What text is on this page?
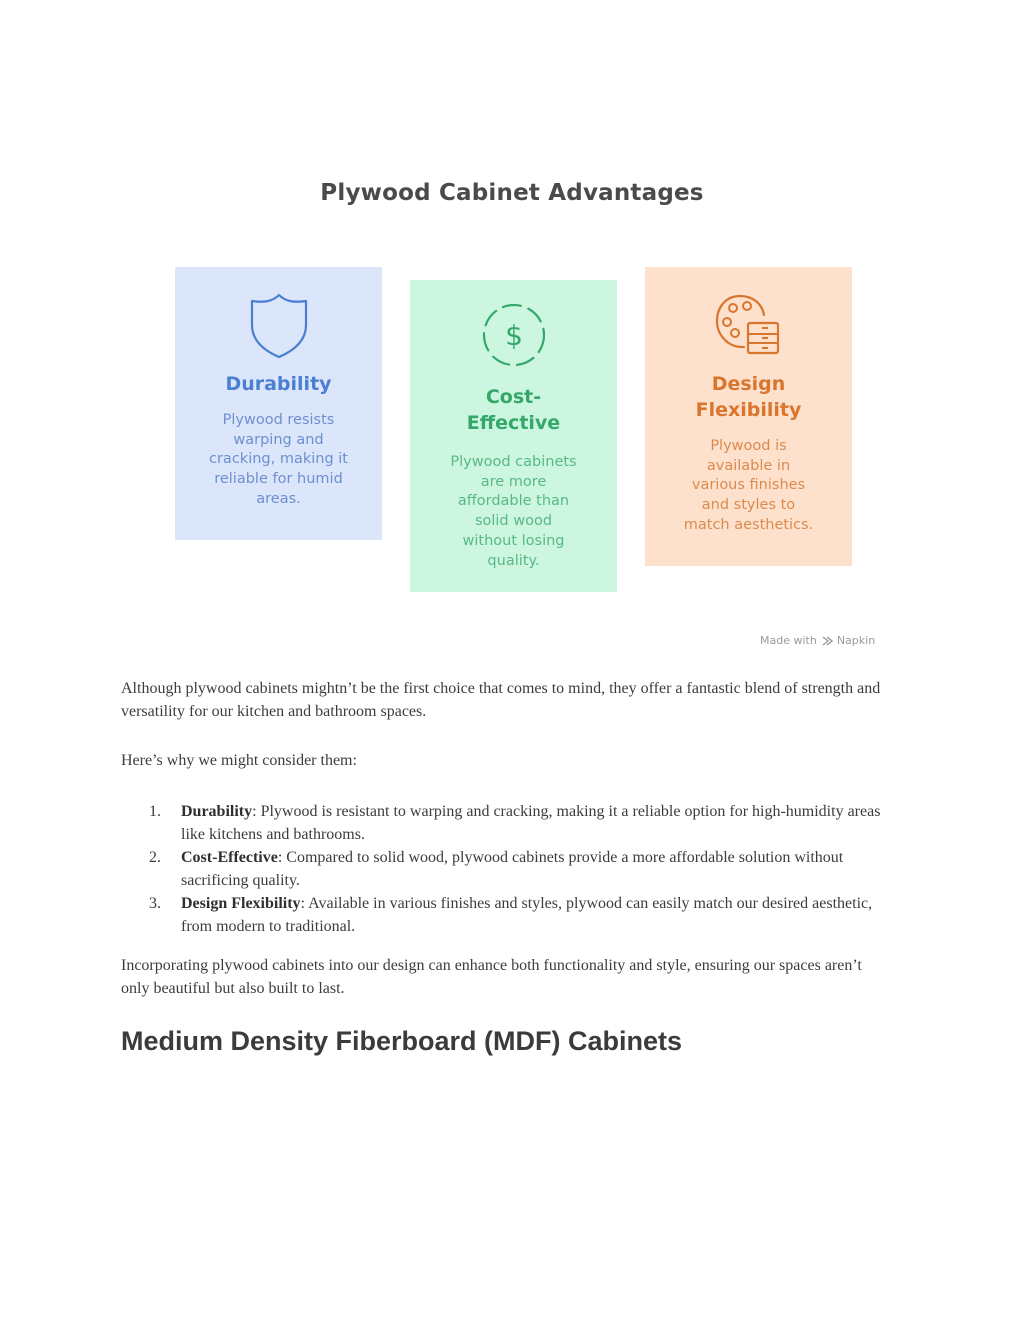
Plywood Cabinet Advantages
Durability
Plywood resists
warping and
cracking, making it
reliable for humid
areas.
$
Cost-
Effective
Plywood cabinets
are more
affordable than
solid wood
without losing
quality.
Design
Flexibility
Plywood is
available in
various finishes
and styles to
match aesthetics.
Made with Napkin

Although plywood cabinets mightn’t be the first choice that comes to mind, they offer a fantastic blend of strength and versatility for our kitchen and bathroom spaces.

Here’s why we might consider them:

1. Durability: Plywood is resistant to warping and cracking, making it a reliable option for high-humidity areas like kitchens and bathrooms.
2. Cost-Effective: Compared to solid wood, plywood cabinets provide a more affordable solution without sacrificing quality.
3. Design Flexibility: Available in various finishes and styles, plywood can easily match our desired aesthetic, from modern to traditional.

Incorporating plywood cabinets into our design can enhance both functionality and style, ensuring our spaces aren’t only beautiful but also built to last.

Medium Density Fiberboard (MDF) Cabinets
